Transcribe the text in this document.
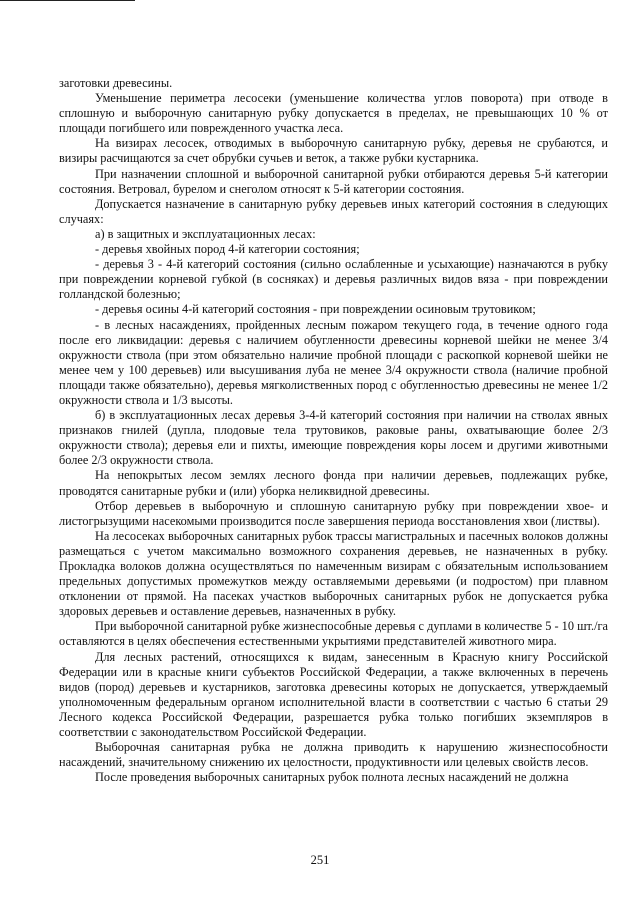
заготовки древесины.

Уменьшение периметра лесосеки (уменьшение количества углов поворота) при отводе в сплошную и выборочную санитарную рубку допускается в пределах, не превышающих 10 % от площади погибшего или поврежденного участка леса.

На визирах лесосек, отводимых в выборочную санитарную рубку, деревья не срубаются, и визиры расчищаются за счет обрубки сучьев и веток, а также рубки кустарника.

При назначении сплошной и выборочной санитарной рубки отбираются деревья 5-й категории состояния. Ветровал, бурелом и снеголом относят к 5-й категории состояния.

Допускается назначение в санитарную рубку деревьев иных категорий состояния в следующих случаях:

а) в защитных и эксплуатационных лесах:

- деревья хвойных пород 4-й категории состояния;

- деревья 3 - 4-й категорий состояния (сильно ослабленные и усыхающие) назначаются в рубку при повреждении корневой губкой (в сосняках) и деревья различных видов вяза - при повреждении голландской болезнью;

- деревья осины 4-й категорий состояния - при повреждении осиновым трутовиком;

- в лесных насаждениях, пройденных лесным пожаром текущего года, в течение одного года после его ликвидации: деревья с наличием обугленности древесины корневой шейки не менее 3/4 окружности ствола (при этом обязательно наличие пробной площади с раскопкой корневой шейки не менее чем у 100 деревьев) или высушивания луба не менее 3/4 окружности ствола (наличие пробной площади также обязательно), деревья мягколиственных пород с обугленностью древесины не менее 1/2 окружности ствола и 1/3 высоты.

б) в эксплуатационных лесах деревья 3-4-й категорий состояния при наличии на стволах явных признаков гнилей (дупла, плодовые тела трутовиков, раковые раны, охватывающие более 2/3 окружности ствола); деревья ели и пихты, имеющие повреждения коры лосем и другими животными более 2/3 окружности ствола.

На непокрытых лесом землях лесного фонда при наличии деревьев, подлежащих рубке, проводятся санитарные рубки и (или) уборка неликвидной древесины.

Отбор деревьев в выборочную и сплошную санитарную рубку при повреждении хвое- и листогрызущими насекомыми производится после завершения периода восстановления хвои (листвы).

На лесосеках выборочных санитарных рубок трассы магистральных и пасечных волоков должны размещаться с учетом максимально возможного сохранения деревьев, не назначенных в рубку. Прокладка волоков должна осуществляться по намеченным визирам с обязательным использованием предельных допустимых промежутков между оставляемыми деревьями (и подростом) при плавном отклонении от прямой. На пасеках участков выборочных санитарных рубок не допускается рубка здоровых деревьев и оставление деревьев, назначенных в рубку.

При выборочной санитарной рубке жизнеспособные деревья с дуплами в количестве 5 - 10 шт./га оставляются в целях обеспечения естественными укрытиями представителей животного мира.

Для лесных растений, относящихся к видам, занесенным в Красную книгу Российской Федерации или в красные книги субъектов Российской Федерации, а также включенных в перечень видов (пород) деревьев и кустарников, заготовка древесины которых не допускается, утверждаемый уполномоченным федеральным органом исполнительной власти в соответствии с частью 6 статьи 29 Лесного кодекса Российской Федерации, разрешается рубка только погибших экземпляров в соответствии с законодательством Российской Федерации.

Выборочная санитарная рубка не должна приводить к нарушению жизнеспособности насаждений, значительному снижению их целостности, продуктивности или целевых свойств лесов.

После проведения выборочных санитарных рубок полнота лесных насаждений не должна

251
